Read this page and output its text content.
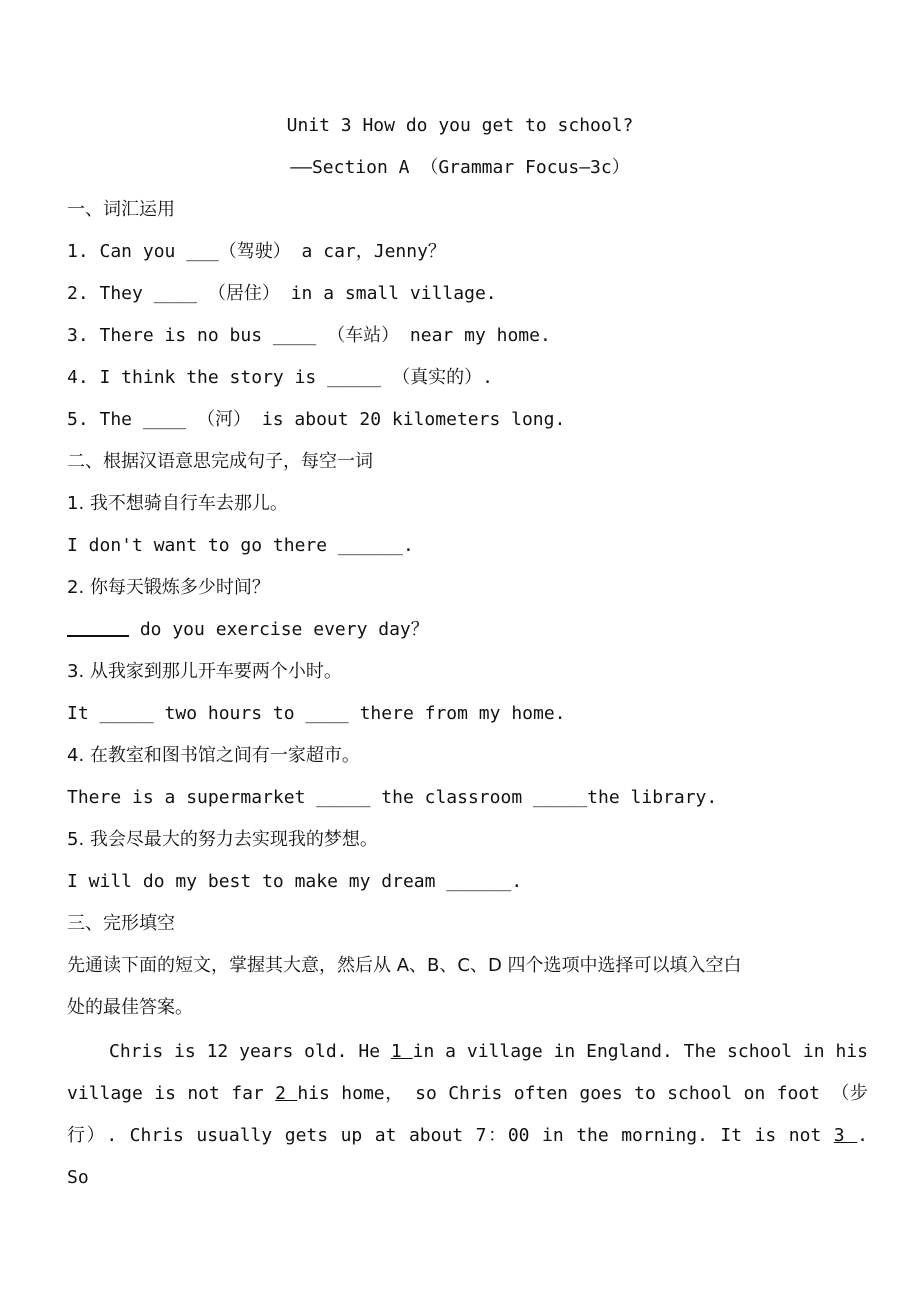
Unit 3 How do you get to school?
——Section A （Grammar Focus—3c）
一、词汇运用
1. Can you ___（驾驶） a car，Jenny？
2. They ____ （居住） in a small village.
3. There is no bus ____ （车站） near my home.
4. I think the story is _____ （真实的）.
5. The ____ （河） is about 20 kilometers long.
二、根据汉语意思完成句子，每空一词
1. 我不想骑自行车去那儿。
I don't want to go there ______.
2. 你每天锻炼多少时间？
do you exercise every day？
3. 从我家到那儿开车要两个小时。
It _____ two hours to ____ there from my home.
4. 在教室和图书馆之间有一家超市。
There is a supermarket _____ the classroom _____the library.
5. 我会尽最大的努力去实现我的梦想。
I will do my best to make my dream ______.
三、完形填空
先通读下面的短文，掌握其大意，然后从 A、B、C、D 四个选项中选择可以填入空白
处的最佳答案。
Chris is 12 years old. He 1 in a village in England. The school in his village is not far 2 his home， so Chris often goes to school on foot （步行）. Chris usually gets up at about 7：00 in the morning. It is not 3 . So
